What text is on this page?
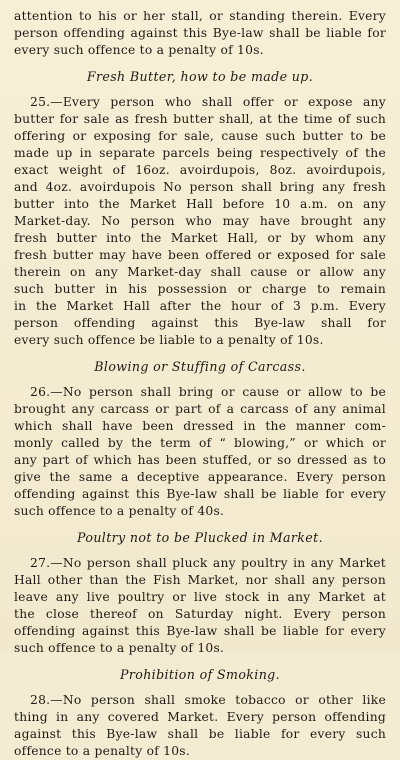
attention to his or her stall, or standing therein. Every
person offending against this Bye-law shall be liable for
every such offence to a penalty of 10s.
Fresh Butter, how to be made up.
25.—Every person who shall offer or expose any
butter for sale as fresh butter shall, at the time of such
offering or exposing for sale, cause such butter to be
made up in separate parcels being respectively of the
exact weight of 16oz. avoirdupois, 8oz. avoirdupois,
and 4oz. avoirdupois No person shall bring any fresh
butter into the Market Hall before 10 a.m. on any
Market-day. No person who may have brought any
fresh butter into the Market Hall, or by whom any
fresh butter may have been offered or exposed for sale
therein on any Market-day shall cause or allow any
such butter in his possession or charge to remain
in the Market Hall after the hour of 3 p.m. Every
person offending against this Bye-law shall for
every such offence be liable to a penalty of 10s.
Blowing or Stuffing of Carcass.
26.—No person shall bring or cause or allow to be
brought any carcass or part of a carcass of any animal
which shall have been dressed in the manner com-
monly called by the term of “ blowing,” or which or
any part of which has been stuffed, or so dressed as to
give the same a deceptive appearance. Every person
offending against this Bye-law shall be liable for every
such offence to a penalty of 40s.
Poultry not to be Plucked in Market.
27.—No person shall pluck any poultry in any Market
Hall other than the Fish Market, nor shall any person
leave any live poultry or live stock in any Market at
the close thereof on Saturday night. Every person
offending against this Bye-law shall be liable for every
such offence to a penalty of 10s.
Prohibition of Smoking.
28.—No person shall smoke tobacco or other like
thing in any covered Market. Every person offending
against this Bye-law shall be liable for every such
offence to a penalty of 10s.
